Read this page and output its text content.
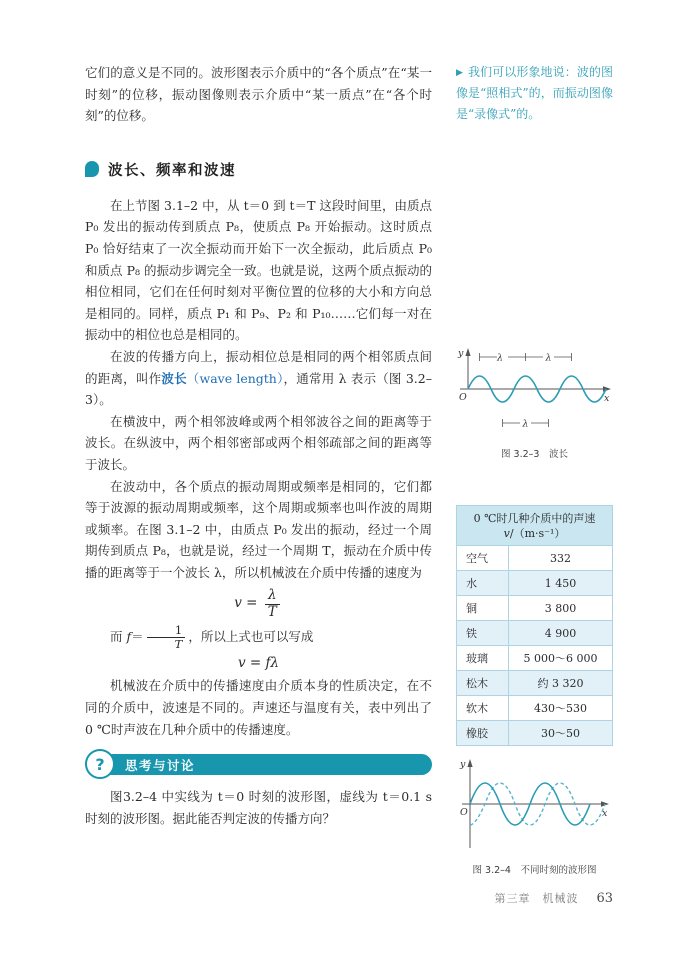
它们的意义是不同的。波形图表示介质中的“各个质点”在“某一时刻”的位移，振动图像则表示介质中“某一质点”在“各个时刻”的位移。

波长、频率和波速

在上节图 3.1–2 中，从 t＝0 到 t＝T 这段时间里，由质点 P₀ 发出的振动传到质点 P₈，使质点 P₈ 开始振动。这时质点 P₀ 恰好结束了一次全振动而开始下一次全振动，此后质点 P₀ 和质点 P₈ 的振动步调完全一致。也就是说，这两个质点振动的相位相同，它们在任何时刻对平衡位置的位移的大小和方向总是相同的。同样，质点 P₁ 和 P₉、P₂ 和 P₁₀……它们每一对在振动中的相位也总是相同的。

在波的传播方向上，振动相位总是相同的两个相邻质点间的距离，叫作波长（wave length），通常用 λ 表示（图 3.2–3）。

在横波中，两个相邻波峰或两个相邻波谷之间的距离等于波长。在纵波中，两个相邻密部或两个相邻疏部之间的距离等于波长。

在波动中，各个质点的振动周期或频率是相同的，它们都等于波源的振动周期或频率，这个周期或频率也叫作波的周期或频率。在图 3.1–2 中，由质点 P₀ 发出的振动，经过一个周期传到质点 P₈，也就是说，经过一个周期 T，振动在介质中传播的距离等于一个波长 λ，所以机械波在介质中传播的速度为

$v = \frac{\lambda}{T}$

而 $f= \frac{1}{T}$ ，所以上式也可以写成

v = fλ

机械波在介质中的传播速度由介质本身的性质决定，在不同的介质中，波速是不同的。声速还与温度有关，表中列出了 0 ℃时声波在几种介质中的传播速度。

思考与讨论
?

图3.2–4 中实线为 t＝0 时刻的波形图，虚线为 t＝0.1 s 时刻的波形图。据此能否判定波的传播方向？

▶ 我们可以形象地说：波的图像是“照相式”的，而振动图像是“录像式”的。

y
O	x
λ	λ
λ
图 3.2–3　波长
0 ℃时几种介质中的声速
v/（m·s⁻¹）	
空气	332
水	1 450
铜	3 800
铁	4 900
玻璃	5 000～6 000
松木	约 3 320
软木	430～530
橡胶	30～50
y
O	x
图 3.2–4　不同时刻的波形图
第三章　机械波 63
